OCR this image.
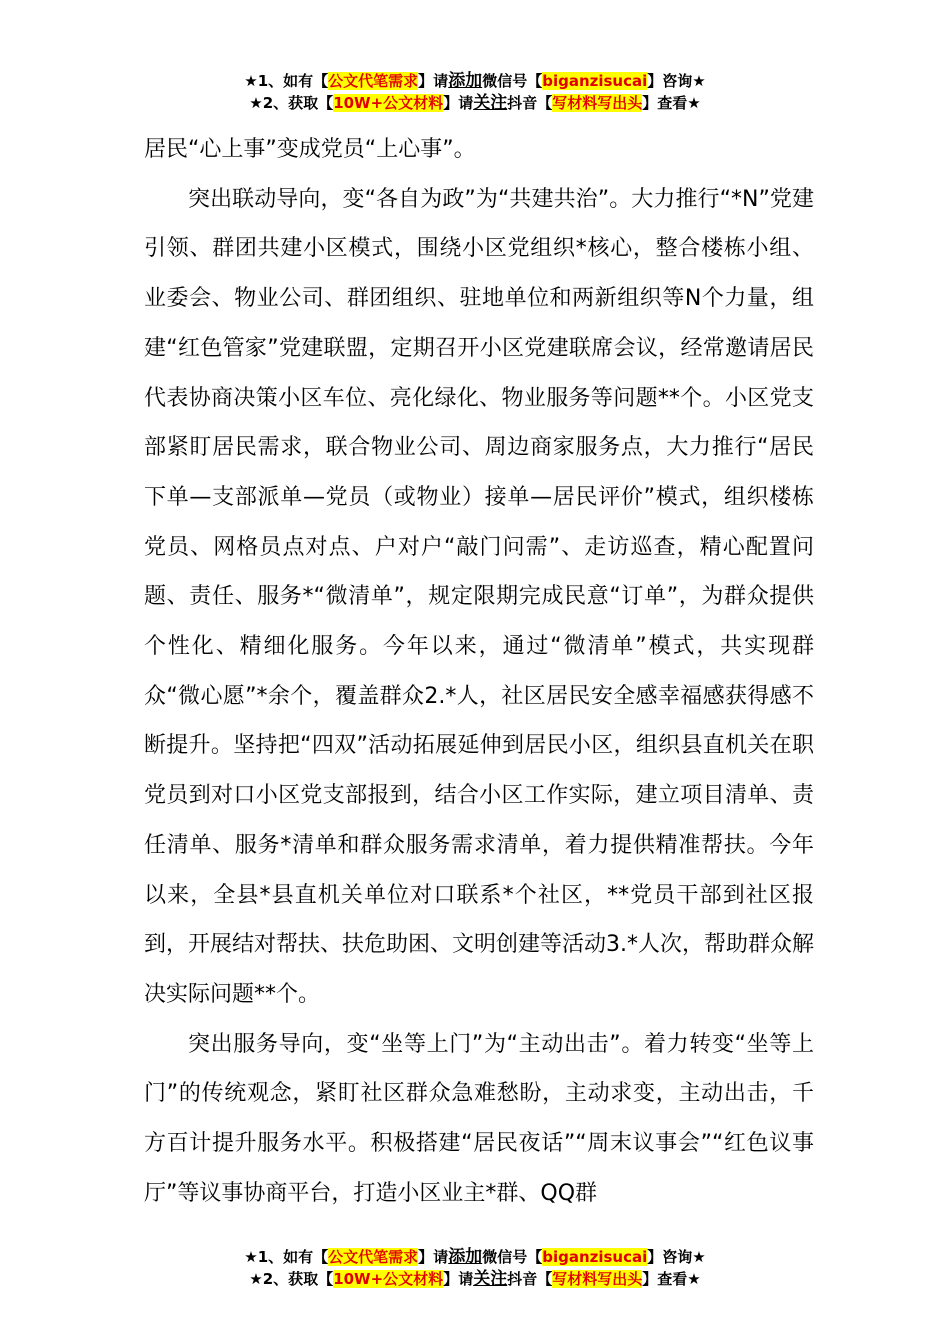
★1、如有【公文代笔需求】请添加微信号【biganzisucai】咨询★
★2、获取【10W+公文材料】请关注抖音【写材料写出头】查看★

居民“心上事”变成党员“上心事”。

突出联动导向，变“各自为政”为“共建共治”。大力推行“*N”党建引领、群团共建小区模式，围绕小区党组织*核心，整合楼栋小组、业委会、物业公司、群团组织、驻地单位和两新组织等N个力量，组建“红色管家”党建联盟，定期召开小区党建联席会议，经常邀请居民代表协商决策小区车位、亮化绿化、物业服务等问题**个。小区党支部紧盯居民需求，联合物业公司、周边商家服务点，大力推行“居民下单—支部派单—党员（或物业）接单—居民评价”模式，组织楼栋党员、网格员点对点、户对户“敲门问需”、走访巡查，精心配置问题、责任、服务*“微清单”，规定限期完成民意“订单”，为群众提供个性化、精细化服务。今年以来，通过“微清单”模式，共实现群众“微心愿”*余个，覆盖群众2.*人，社区居民安全感幸福感获得感不断提升。坚持把“四双”活动拓展延伸到居民小区，组织县直机关在职党员到对口小区党支部报到，结合小区工作实际，建立项目清单、责任清单、服务*清单和群众服务需求清单，着力提供精准帮扶。今年以来，全县*县直机关单位对口联系*个社区，**党员干部到社区报到，开展结对帮扶、扶危助困、文明创建等活动3.*人次，帮助群众解决实际问题**个。

突出服务导向，变“坐等上门”为“主动出击”。着力转变“坐等上门”的传统观念，紧盯社区群众急难愁盼，主动求变，主动出击，千方百计提升服务水平。积极搭建“居民夜话”“周末议事会”“红色议事厅”等议事协商平台，打造小区业主*群、QQ群

★1、如有【公文代笔需求】请添加微信号【biganzisucai】咨询★
★2、获取【10W+公文材料】请关注抖音【写材料写出头】查看★
